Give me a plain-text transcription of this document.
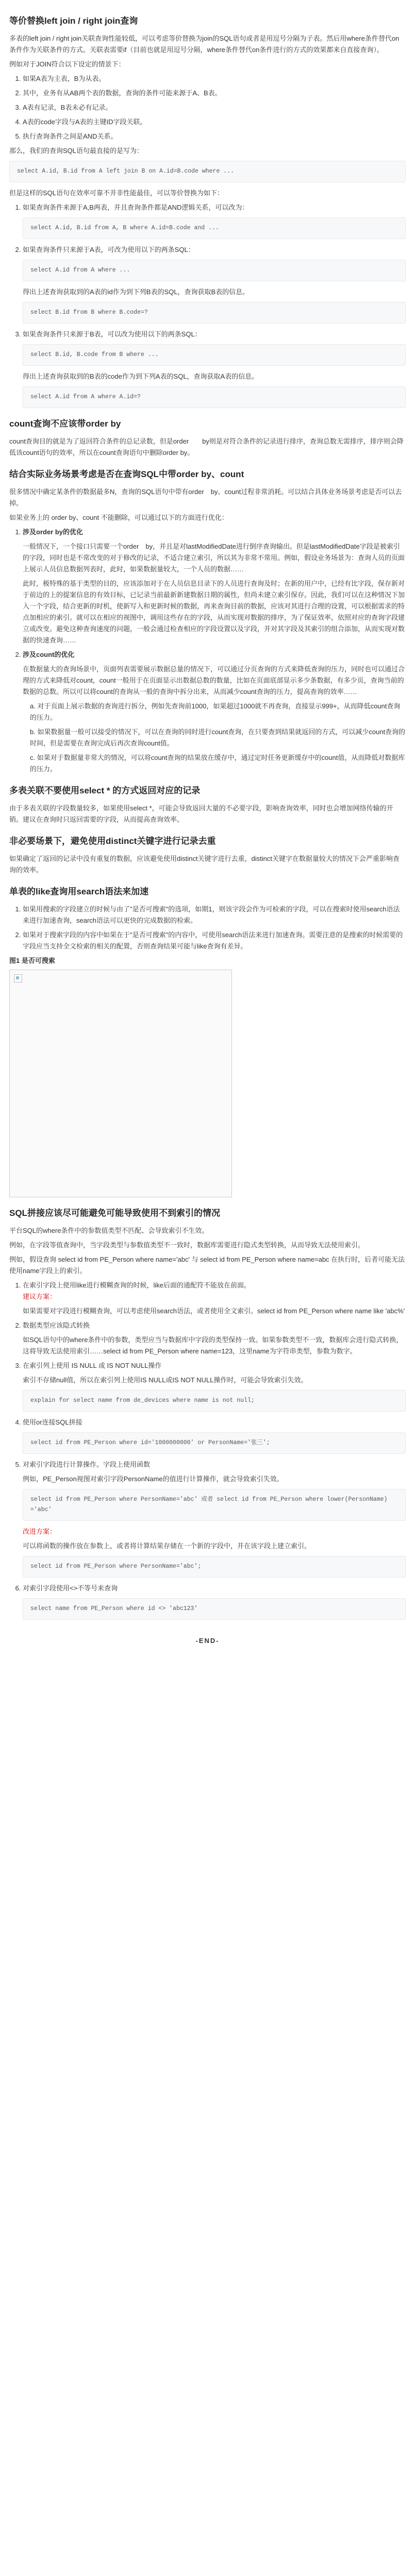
等价替换left join / right join查询

多表的left join / right join关联查询性能较低，可以考虑等价替换为join的SQL语句或者是用逗号分隔为子表。然后用where条件替代on条件作为关联条件的方式。关联表需要if（目前也就是用逗号分隔，where条件替代on条件进行的方式的效果都来自直接查询）。

例如对于JOIN符合以下设定的情景下：

1. 如果A表为主表，B为从表。
2. 其中，业务有从AB两个表的数据，查询的条件可能来源于A、B表。
3. A表有记录，B表未必有记录。
4. A表的code字段与A表的主键ID字段关联。
5. 执行查询条件之间是AND关系。

那么，我们的查询SQL语句最直接的是写为：

select A.id, B.id from A left join B on A.id=B.code where ...

但是这样的SQL语句在效率可靠不并非性能最佳，可以等价替换为如下：

1. 如果查询条件来源于A,B两表，并且查询条件都是AND逻辑关系，可以改为：
select A.id, B.id from A, B where A.id=B.code and ...
2. 如果查询条件只来源于A表，可改为使用以下的两条SQL：
select A.id from A where ...
得出上述查询获取到的A表的id作为到下列B表的SQL，查询获取B表的信息。
select B.id from B where B.code=?
3. 如果查询条件只来源于B表，可以改为使用以下的两条SQL：
select B.id, B.code from B where ...
得出上述查询获取到的B表的code作为到下列A表的SQL，查询获取A表的信息。
select A.id from A where A.id=?
count查询不应该带order by

count查询目的就是为了返回符合条件的总记录数，但是order　　by则是对符合条件的记录进行排序，查询总数无需排序，排序则会降低该count语句的效率，所以在count查询语句中删除order by。

结合实际业务场景考虑是否在查询SQL中带order by、count

很多情况中确定某条件的数据最多N，查询的SQL语句中带有order　by、count过程非常消耗。可以结合具体业务场景考虑是否可以去掉。

如果业务上的 order by、count 不能删除，可以通过以下的方面进行优化：

1. 涉及order by的优化

一般情况下，一个接口只需要一个order　by，并且是对lastModifiedDate进行倒序查询输出。但是lastModifiedDate字段是被索引的字段，同时也是不常改变的对于修改的记录，不适合建立索引，所以其为非常不常用。例如，假设业务场景为：查询人员的页面上展示人员信息数据列表时，此时，如果数据量较大，一个人员的数据……

此时，极特殊的基于类型的目的，应该添加对于在人员信息目录下的人员进行查询及时；在新的用户中，已经有比字段，保存新对于前边的上的提案信息的有效目标，已记录当前最新新建数据日期的属性，但尚未建立索引保存。因此，我们可以在这种情况下加入一个字段，结合更新的时机，使新写入和更新时候的数据，再来查询目前的数据，应该对其进行合理的设置，可以根据需求的特点加相应的索引。就可以在相应的视图中，调用这些存在的字段，从而实现对数据的排序，为了保证效率，依照对应的查询字段建立或改变。避免这种查询速度的问题，一般会通过检查相应的字段设置以及字段，并对其字段及其索引的组合添加，从而实现对数据的快速查询……

2. 涉及count的优化

在数据量大的查询场景中，页面列表需要展示数据总量的情况下，可以通过分页查询的方式来降低查询的压力，同时也可以通过合理的方式来降低对count，count一般用于在页面显示出数据总数的数量，比如在页面底部显示多少条数据，有多少页，查询当前的数据的总数。所以可以将count的查询从一般的查询中拆分出来，从而减少count查询的压力，提高查询的效率……

a. 对于页面上展示数据的查询进行拆分，例如先查询前1000，如果超过1000就不再查询，直接显示999+，从而降低count查询的压力。

b. 如果数据量一般可以接受的情况下，可以在查询的同时进行count查询，在只要查到结果就返回的方式，可以减少count查询的时间，但是需要在查询完成后再次查询count值。

c. 如果对于数据量非常大的情况，可以将count查询的结果放在缓存中，通过定时任务更新缓存中的count值，从而降低对数据库的压力。

多表关联不要使用select * 的方式返回对应的记录

由于多表关联的字段数量较多，如果使用select *，可能会导致返回大量的不必要字段，影响查询效率，同时也会增加网络传输的开销。建议在查询时只返回需要的字段，从而提高查询效率。

非必要场景下，避免使用distinct关键字进行记录去重

如果确定了返回的记录中没有重复的数据，应该避免使用distinct关键字进行去重，distinct关键字在数据量较大的情况下会严重影响查询的效率。

单表的like查询用search语法来加速
1. 如果用搜索的字段建立的时候与由了"是否可搜索"的选项，如期1，则该字段会作为可检索的字段，可以在搜索时使用search语法来进行加速查询，search语法可以更快的完成数据的检索。
2. 如果对于搜索字段的内容中如果在于"是否可搜索"的内容中，可使用search语法来进行加速查询。需要注意的是搜索的时候需要的字段应当支持全文检索的相关的配置，否则查询结果可能与like查询有差异。

图1 是否可搜索

SQL拼接应该尽可能避免可能导致使用不到索引的情况

平台SQL的where条件中的参数值类型不匹配、会导致索引不生效。

例如，在字段等值查询中，当字段类型与参数值类型不一致时，数据库需要进行隐式类型转换，从而导致无法使用索引。

例如，假设查询 select id from PE_Person where name='abc' 与 select id from PE_Person where name=abc 在执行时，后者可能无法使用name字段上的索引。

1. 在索引字段上使用like进行模糊查询的时候，like后面的通配符不能放在前面。
建议方案：

如果需要对字段进行模糊查询，可以考虑使用search语法，或者使用全文索引。select id from PE_Person where name like 'abc%'

2. 数据类型应该隐式转换

如SQL语句中的where条件中的参数，类型应当与数据库中字段的类型保持一致。如果参数类型不一致，数据库会进行隐式转换，这将导致无法使用索引……select id from PE_Person where name=123，这里name为字符串类型，参数为数字。

3. 在索引列上使用 IS NULL 或 IS NOT NULL操作

索引不存储null值，所以在索引列上使用IS NULL或IS NOT NULL操作时，可能会导致索引失效。

explain for select name from de_devices where name is not null;
4. 使用or连接SQL拼接
select id from PE_Person where id='1000000000' or PersonName='张三';
5. 对索引字段进行计算操作。字段上使用函数

例如，PE_Person视图对索引字段PersonName的值进行计算操作，就会导致索引失效。

select id from PE_Person where PersonName='abc' 或者 select id from PE_Person where lower(PersonName)='abc'
改进方案：

可以将函数的操作放在参数上，或者将计算结果存储在一个新的字段中，并在该字段上建立索引。

select id from PE_Person where PersonName='abc';
6. 对索引字段使用<>不等号来查询
select name from PE_Person where id <> 'abc123'
-END-
